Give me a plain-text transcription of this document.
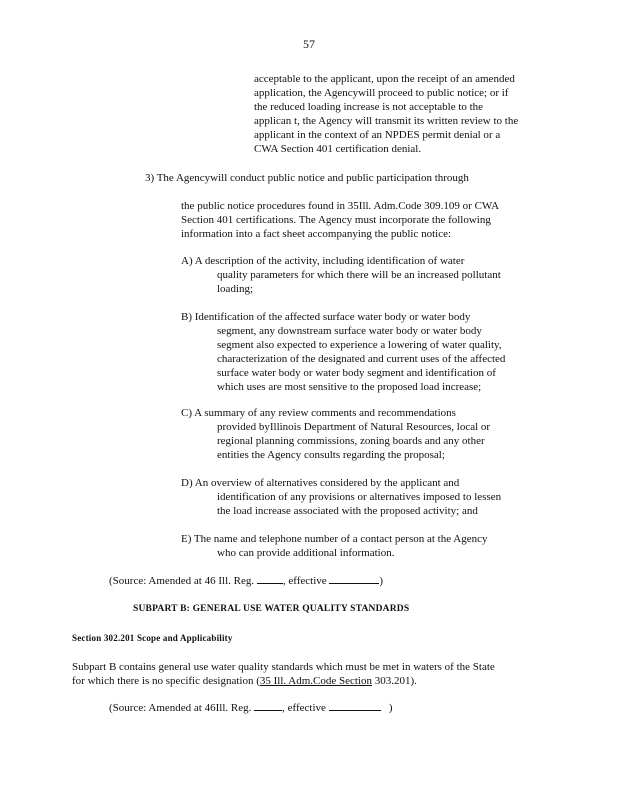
57
acceptable to the applicant, upon the receipt of an amended
application, the Agencywill proceed to public notice; or if
the reduced loading increase is not acceptable to the
applican t, the Agency will transmit its written review to the
applicant in the context of an NPDES permit denial or a
CWA Section 401 certification denial.
3) The Agencywill conduct public notice and public participation through
the public notice procedures found in 35Ill. Adm.Code 309.109 or CWA
Section 401 certifications. The Agency must incorporate the following
information into a fact sheet accompanying the public notice:
A) A description of the activity, including identification of water
quality parameters for which there will be an increased pollutant
loading;
B) Identification of the affected surface water body or water body
segment, any downstream surface water body or water body
segment also expected to experience a lowering of water quality,
characterization of the designated and current uses of the affected
surface water body or water body segment and identification of
which uses are most sensitive to the proposed load increase;
C) A summary of any review comments and recommendations
provided byIllinois Department of Natural Resources, local or
regional planning commissions, zoning boards and any other
entities the Agency consults regarding the proposal;
D) An overview of alternatives considered by the applicant and
identification of any provisions or alternatives imposed to lessen
the load increase associated with the proposed activity; and
E) The name and telephone number of a contact person at the Agency
who can provide additional information.
(Source: Amended at 46 Ill. Reg.	, effective	)
SUBPART B: GENERAL USE WATER QUALITY STANDARDS
Section 302.201 Scope and Applicability
Subpart B contains general use water quality standards which must be met in waters of the State
for which there is no specific designation (35 Ill. Adm.Code Section 303.201).
(Source: Amended at 46Ill. Reg.	, effective	)
